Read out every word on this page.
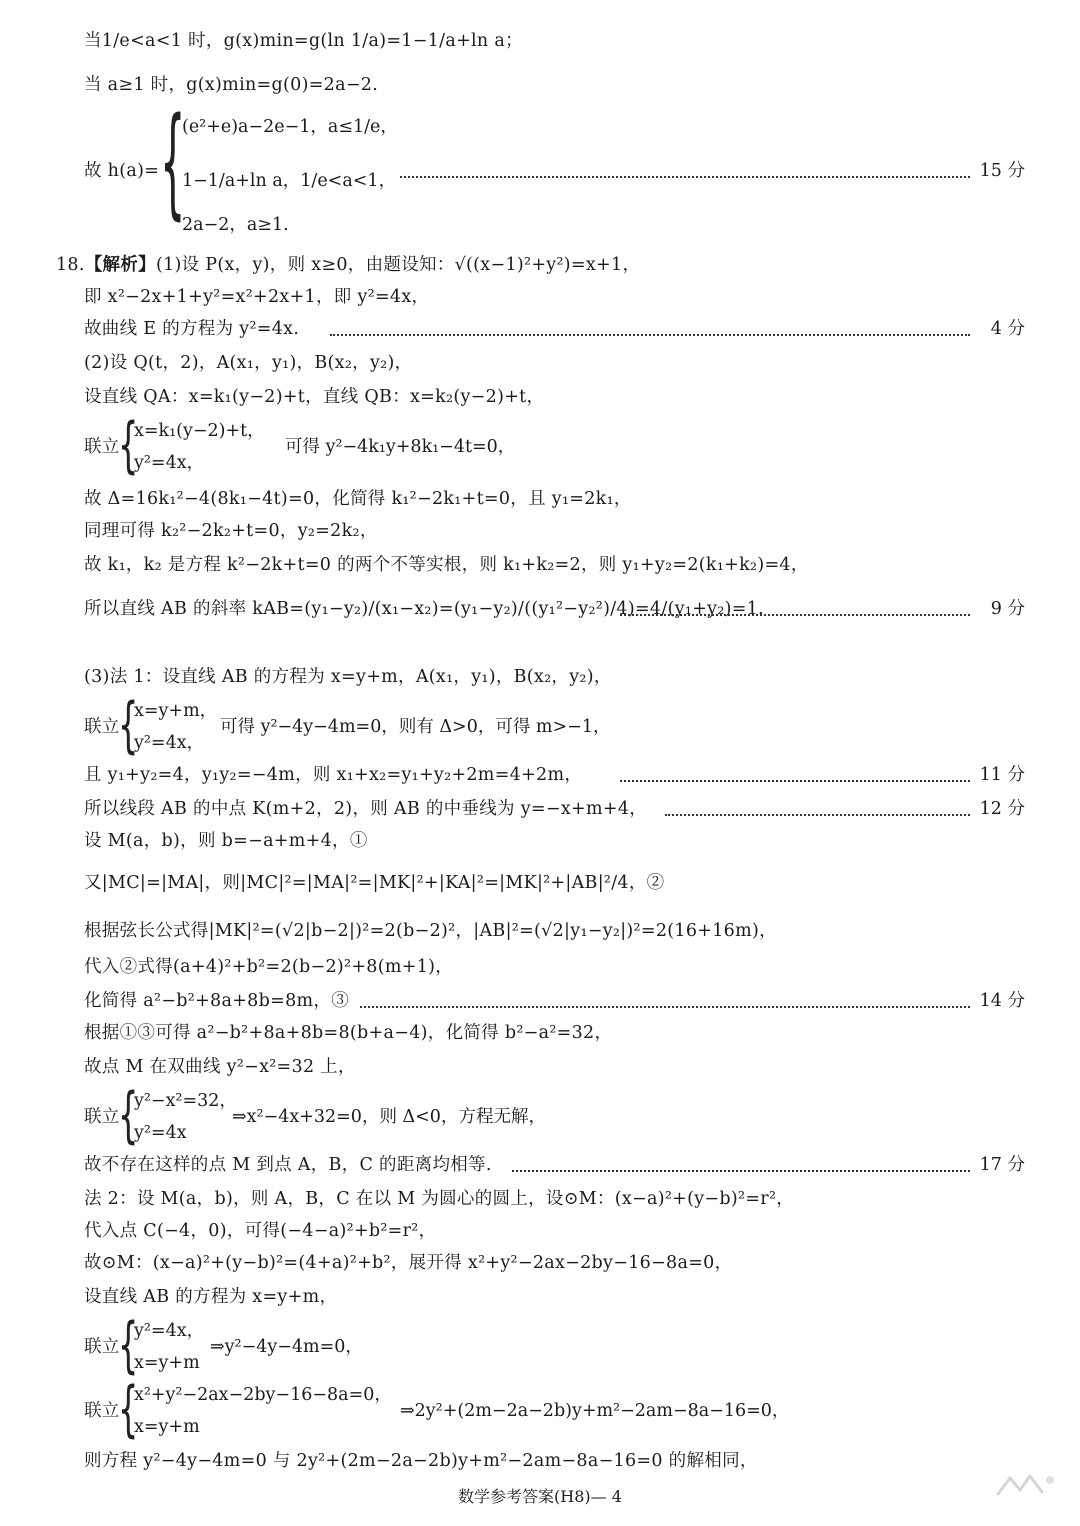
当1/e<a<1 时，g(x)min=g(ln 1/a)=1−1/a+ln a；
当 a≥1 时，g(x)min=g(0)=2a−2.
故 h(a)= {
(e²+e)a−2e−1，a≤1/e，
1−1/a+ln a，1/e<a<1，
2a−2，a≥1.
15 分
18.【解析】(1)设 P(x，y)，则 x≥0，由题设知：√((x−1)²+y²)=x+1，
即 x²−2x+1+y²=x²+2x+1，即 y²=4x，
故曲线 E 的方程为 y²=4x.	4 分
(2)设 Q(t，2)，A(x₁，y₁)，B(x₂，y₂)，
设直线 QA：x=k₁(y−2)+t，直线 QB：x=k₂(y−2)+t，
联立
{
x=k₁(y−2)+t，
y²=4x，
可得 y²−4k₁y+8k₁−4t=0，
故 Δ=16k₁²−4(8k₁−4t)=0，化简得 k₁²−2k₁+t=0，且 y₁=2k₁，
同理可得 k₂²−2k₂+t=0，y₂=2k₂，
故 k₁，k₂ 是方程 k²−2k+t=0 的两个不等实根，则 k₁+k₂=2，则 y₁+y₂=2(k₁+k₂)=4，
所以直线 AB 的斜率 kAB=(y₁−y₂)/(x₁−x₂)=(y₁−y₂)/((y₁²−y₂²)/4)=4/(y₁+y₂)=1.	9 分
(3)法 1：设直线 AB 的方程为 x=y+m，A(x₁，y₁)，B(x₂，y₂)，
联立
{
x=y+m，
y²=4x，
可得 y²−4y−4m=0，则有 Δ>0，可得 m>−1，
且 y₁+y₂=4，y₁y₂=−4m，则 x₁+x₂=y₁+y₂+2m=4+2m，	11 分
所以线段 AB 的中点 K(m+2，2)，则 AB 的中垂线为 y=−x+m+4，	12 分
设 M(a，b)，则 b=−a+m+4，①
又|MC|=|MA|，则|MC|²=|MA|²=|MK|²+|KA|²=|MK|²+|AB|²/4，②
根据弦长公式得|MK|²=(√2|b−2|)²=2(b−2)²，|AB|²=(√2|y₁−y₂|)²=2(16+16m)，
代入②式得(a+4)²+b²=2(b−2)²+8(m+1)，
化简得 a²−b²+8a+8b=8m，③	14 分
根据①③可得 a²−b²+8a+8b=8(b+a−4)，化简得 b²−a²=32，
故点 M 在双曲线 y²−x²=32 上，
联立
{
y²−x²=32，
y²=4x
⇒x²−4x+32=0，则 Δ<0，方程无解，
故不存在这样的点 M 到点 A，B，C 的距离均相等.	17 分
法 2：设 M(a，b)，则 A，B，C 在以 M 为圆心的圆上，设⊙M：(x−a)²+(y−b)²=r²，
代入点 C(−4，0)，可得(−4−a)²+b²=r²，
故⊙M：(x−a)²+(y−b)²=(4+a)²+b²，展开得 x²+y²−2ax−2by−16−8a=0，
设直线 AB 的方程为 x=y+m，
联立
{
y²=4x，
x=y+m
⇒y²−4y−4m=0，
联立
{
x²+y²−2ax−2by−16−8a=0，
x=y+m
⇒2y²+(2m−2a−2b)y+m²−2am−8a−16=0，
则方程 y²−4y−4m=0 与 2y²+(2m−2a−2b)y+m²−2am−8a−16=0 的解相同，
数学参考答案(H8)— 4
